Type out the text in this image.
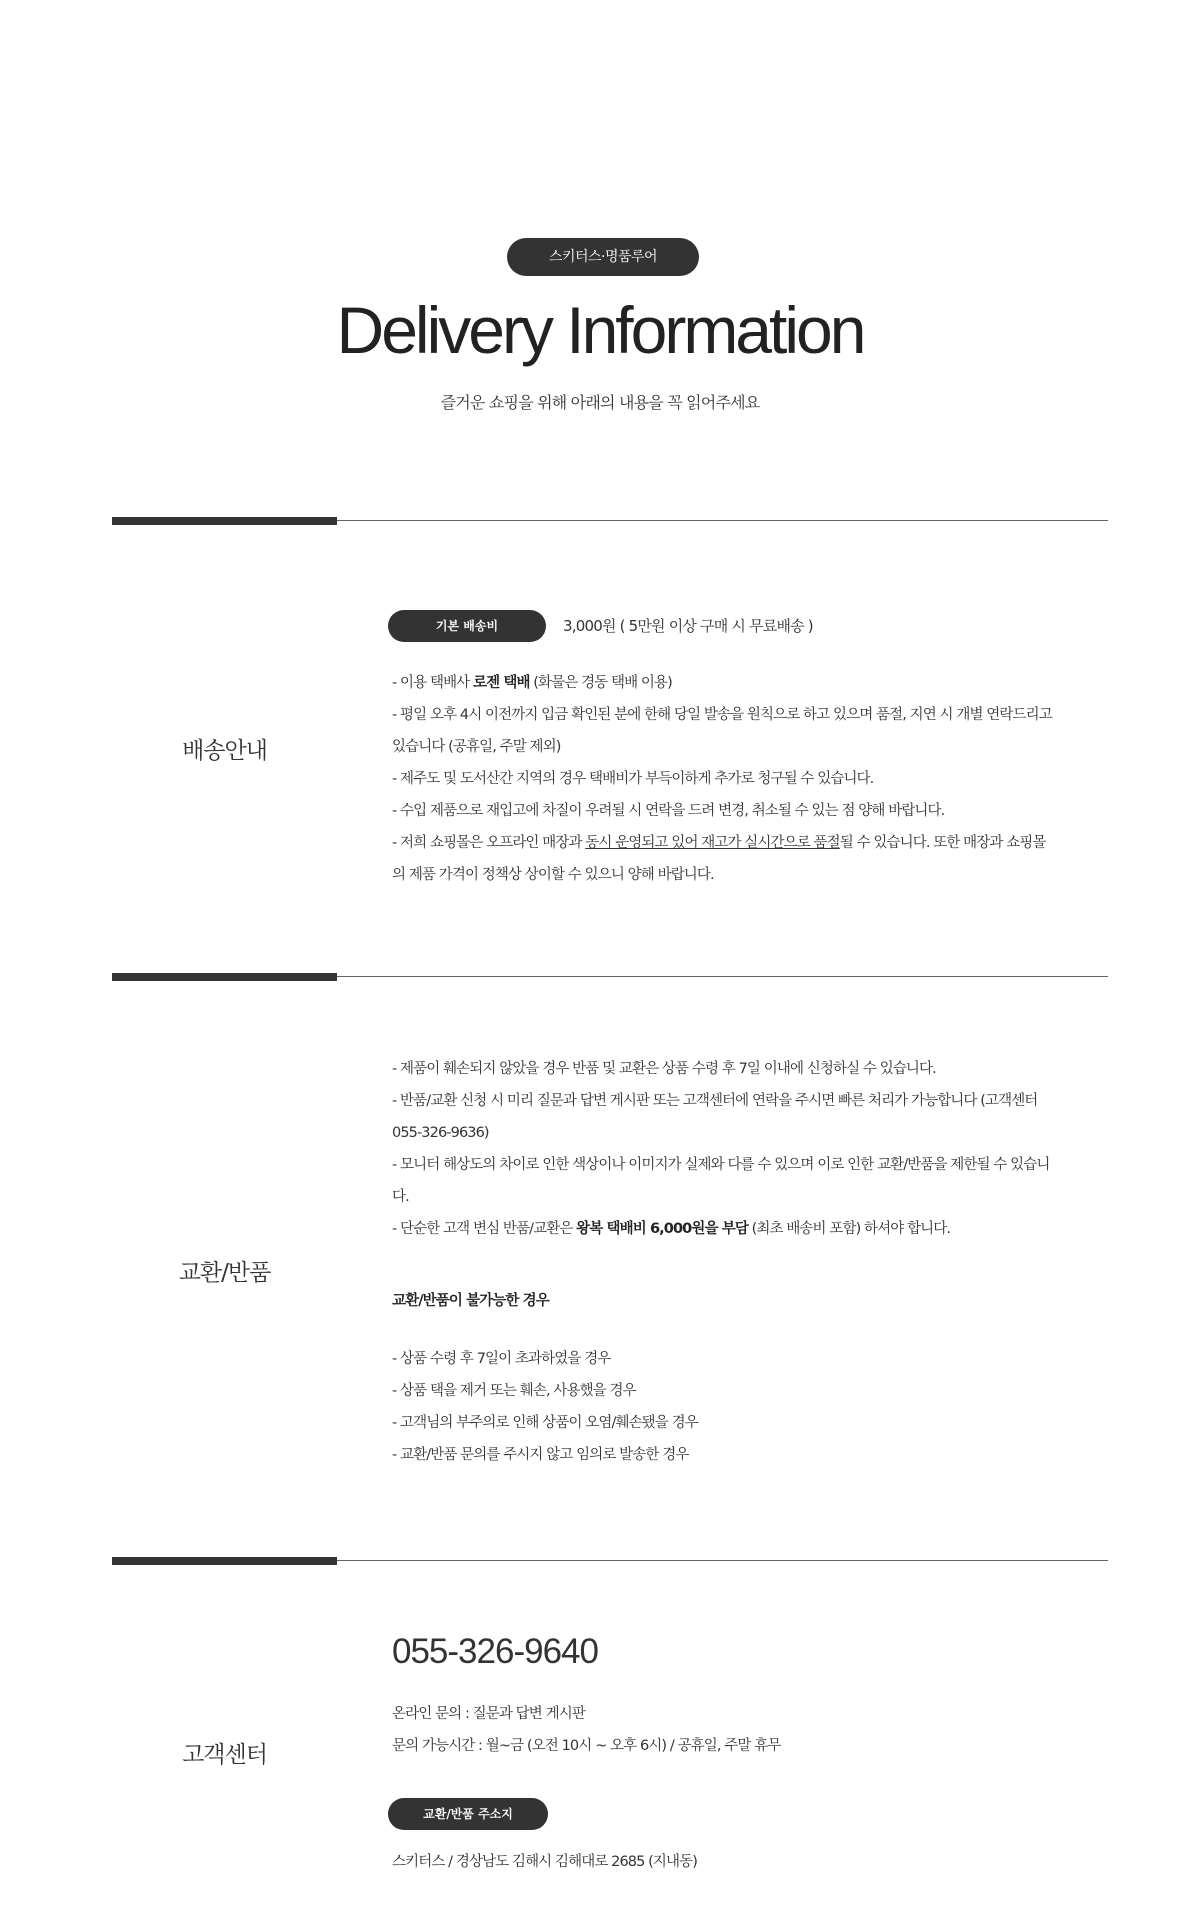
스키터스·명품루어
Delivery Information
즐거운 쇼핑을 위해 아래의 내용을 꼭 읽어주세요
배송안내
기본 배송비	3,000원 ( 5만원 이상 구매 시 무료배송 )

- 이용 택배사 로젠 택배 (화물은 경동 택배 이용)

- 평일 오후 4시 이전까지 입금 확인된 분에 한해 당일 발송을 원칙으로 하고 있으며 품절, 지연 시 개별 연락드리고 있습니다 (공휴일, 주말 제외)

- 제주도 및 도서산간 지역의 경우 택배비가 부득이하게 추가로 청구될 수 있습니다.

- 수입 제품으로 재입고에 차질이 우려될 시 연락을 드려 변경, 취소될 수 있는 점 양해 바랍니다.

- 저희 쇼핑몰은 오프라인 매장과 동시 운영되고 있어 재고가 실시간으로 품절될 수 있습니다. 또한 매장과 쇼핑몰의 제품 가격이 정책상 상이할 수 있으니 양해 바랍니다.

교환/반품

- 제품이 훼손되지 않았을 경우 반품 및 교환은 상품 수령 후 7일 이내에 신청하실 수 있습니다.

- 반품/교환 신청 시 미리 질문과 답변 게시판 또는 고객센터에 연락을 주시면 빠른 처리가 가능합니다 (고객센터 055-326-9636)

- 모니터 해상도의 차이로 인한 색상이나 이미지가 실제와 다를 수 있으며 이로 인한 교환/반품을 제한될 수 있습니다.

- 단순한 고객 변심 반품/교환은 왕복 택배비 6,000원을 부담 (최초 배송비 포함) 하셔야 합니다.

교환/반품이 불가능한 경우

- 상품 수령 후 7일이 초과하였을 경우

- 상품 택을 제거 또는 훼손, 사용했을 경우

- 고객님의 부주의로 인해 상품이 오염/훼손됐을 경우

- 교환/반품 문의를 주시지 않고 임의로 발송한 경우

고객센터
055-326-9640

온라인 문의 : 질문과 답변 게시판

문의 가능시간 : 월~금 (오전 10시 ~ 오후 6시) / 공휴일, 주말 휴무

교환/반품 주소지

스키터스 / 경상남도 김해시 김해대로 2685 (지내동)
